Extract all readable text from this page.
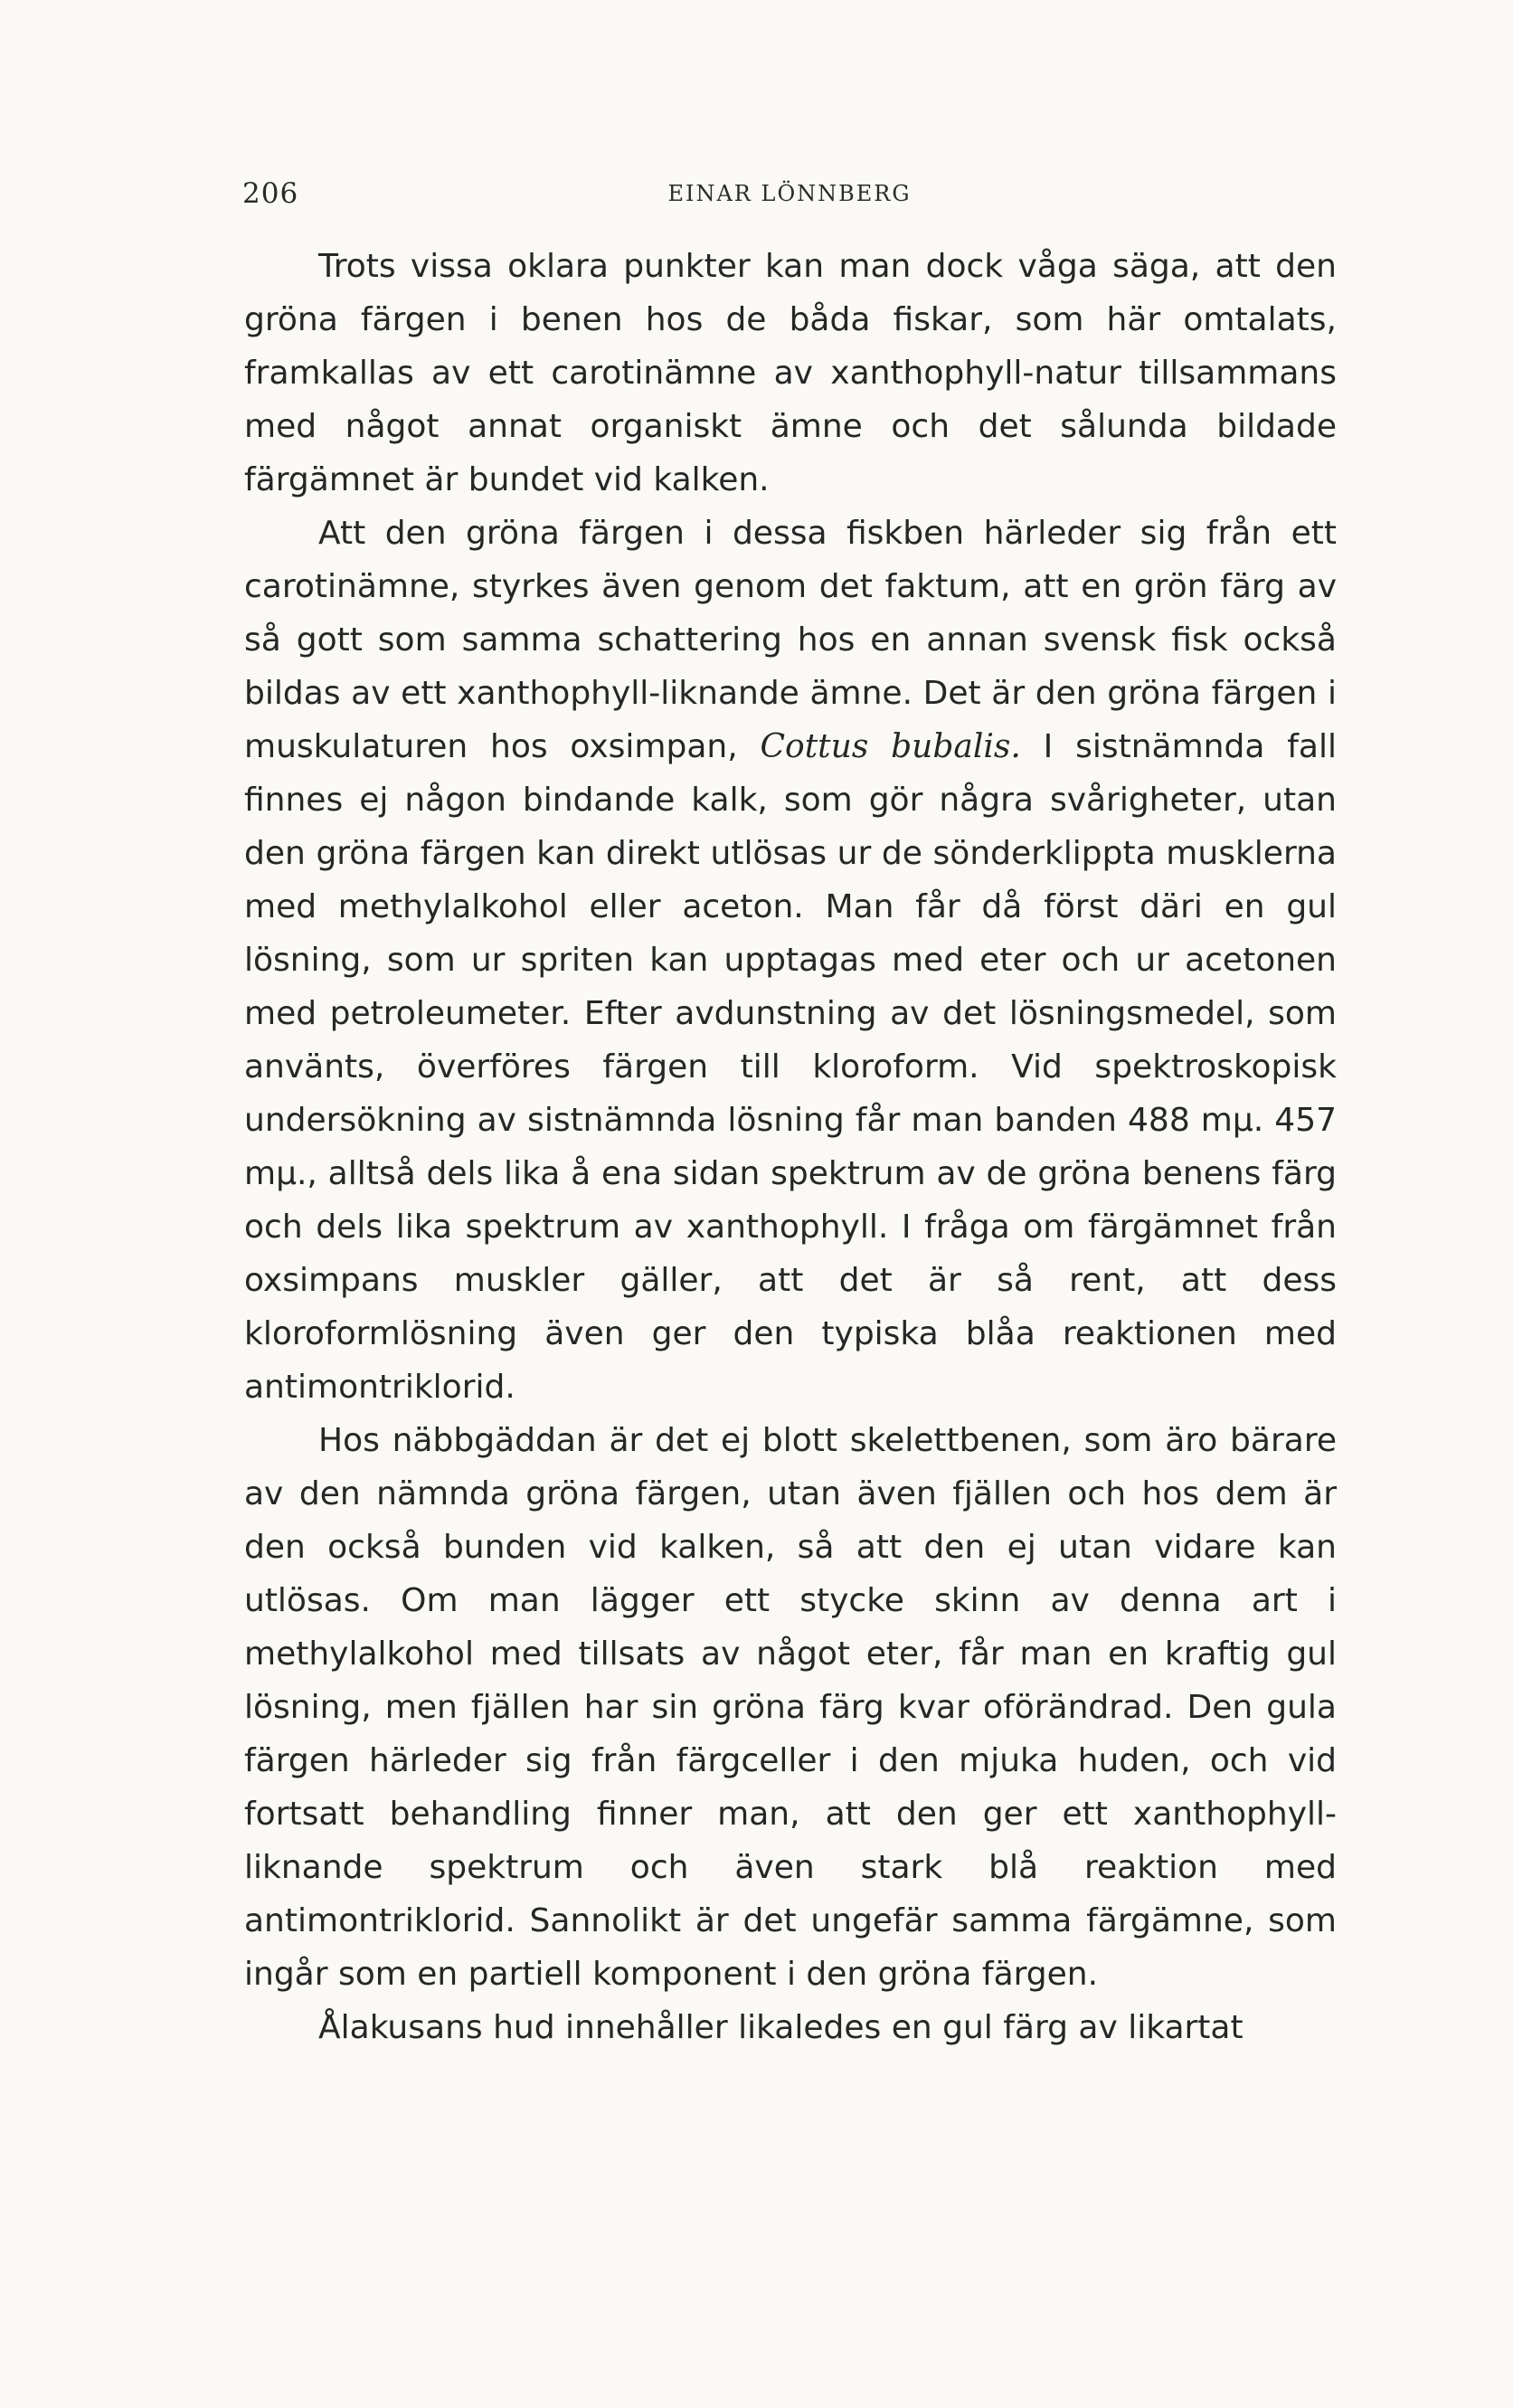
206	EINAR LÖNNBERG

Trots vissa oklara punkter kan man dock våga säga, att den gröna färgen i benen hos de båda fiskar, som här omtalats, framkallas av ett carotinämne av xanthophyll-natur tillsammans med något annat organiskt ämne och det sålunda bildade färgämnet är bundet vid kalken.

Att den gröna färgen i dessa fiskben härleder sig från ett carotinämne, styrkes även genom det faktum, att en grön färg av så gott som samma schattering hos en annan svensk fisk också bildas av ett xanthophyll-liknande ämne. Det är den gröna färgen i muskulaturen hos oxsimpan, Cottus bubalis. I sistnämnda fall finnes ej någon bindande kalk, som gör några svårigheter, utan den gröna färgen kan direkt utlösas ur de sönderklippta musklerna med methylalkohol eller aceton. Man får då först däri en gul lösning, som ur spriten kan upptagas med eter och ur acetonen med petroleumeter. Efter avdunstning av det lösningsmedel, som använts, överföres färgen till kloroform. Vid spektroskopisk undersökning av sistnämnda lösning får man banden 488 mμ. 457 mμ., alltså dels lika å ena sidan spektrum av de gröna benens färg och dels lika spektrum av xanthophyll. I fråga om färgämnet från oxsimpans muskler gäller, att det är så rent, att dess kloroformlösning även ger den typiska blåa reaktionen med antimontriklorid.

Hos näbbgäddan är det ej blott skelettbenen, som äro bärare av den nämnda gröna färgen, utan även fjällen och hos dem är den också bunden vid kalken, så att den ej utan vidare kan utlösas. Om man lägger ett stycke skinn av denna art i methylalkohol med tillsats av något eter, får man en kraftig gul lösning, men fjällen har sin gröna färg kvar oförändrad. Den gula färgen härleder sig från färgceller i den mjuka huden, och vid fortsatt behandling finner man, att den ger ett xanthophyll-liknande spektrum och även stark blå reaktion med antimontriklorid. Sannolikt är det ungefär samma färgämne, som ingår som en partiell komponent i den gröna färgen.

Ålakusans hud innehåller likaledes en gul färg av likartat
